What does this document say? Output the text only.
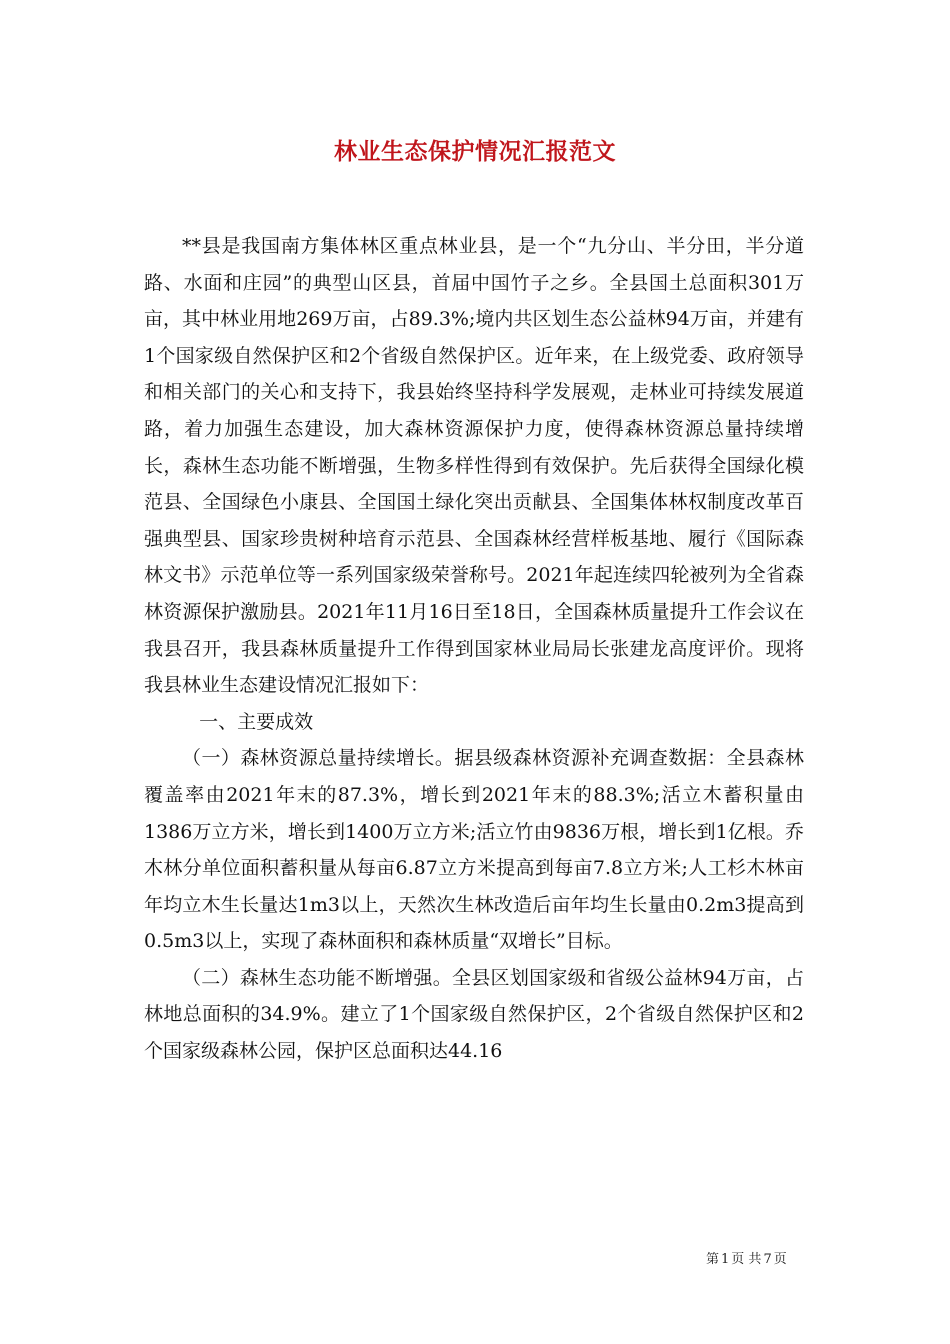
林业生态保护情况汇报范文

**县是我国南方集体林区重点林业县，是一个“九分山、半分田，半分道路、水面和庄园”的典型山区县，首届中国竹子之乡。全县国土总面积301万亩，其中林业用地269万亩，占89.3%;境内共区划生态公益林94万亩，并建有1个国家级自然保护区和2个省级自然保护区。近年来，在上级党委、政府领导和相关部门的关心和支持下，我县始终坚持科学发展观，走林业可持续发展道路，着力加强生态建设，加大森林资源保护力度，使得森林资源总量持续增长，森林生态功能不断增强，生物多样性得到有效保护。先后获得全国绿化模范县、全国绿色小康县、全国国土绿化突出贡献县、全国集体林权制度改革百强典型县、国家珍贵树种培育示范县、全国森林经营样板基地、履行《国际森林文书》示范单位等一系列国家级荣誉称号。2021年起连续四轮被列为全省森林资源保护激励县。2021年11月16日至18日，全国森林质量提升工作会议在我县召开，我县森林质量提升工作得到国家林业局局长张建龙高度评价。现将我县林业生态建设情况汇报如下：

一、主要成效

（一）森林资源总量持续增长。据县级森林资源补充调查数据：全县森林覆盖率由2021年末的87.3%，增长到2021年末的88.3%;活立木蓄积量由1386万立方米，增长到1400万立方米;活立竹由9836万根，增长到1亿根。乔木林分单位面积蓄积量从每亩6.87立方米提高到每亩7.8立方米;人工杉木林亩年均立木生长量达1m3以上，天然次生林改造后亩年均生长量由0.2m3提高到0.5m3以上，实现了森林面积和森林质量“双增长”目标。

（二）森林生态功能不断增强。全县区划国家级和省级公益林94万亩，占林地总面积的34.9%。建立了1个国家级自然保护区，2个省级自然保护区和2个国家级森林公园，保护区总面积达44.16

第 1 页 共 7 页
